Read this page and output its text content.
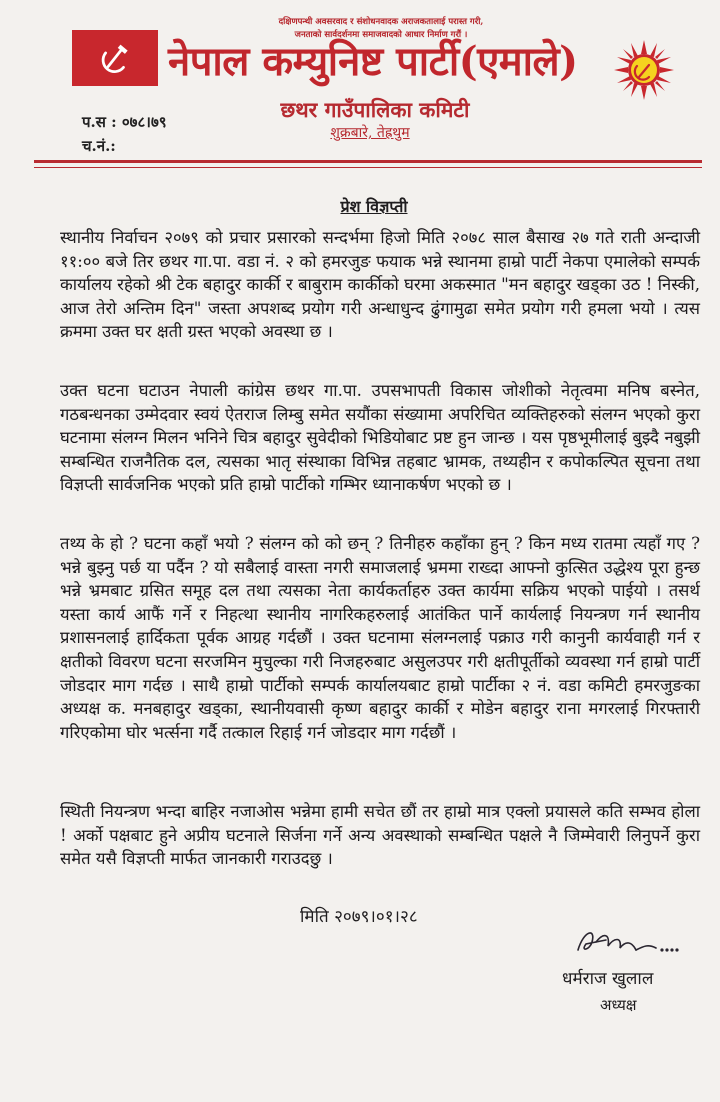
दक्षिणपन्थी अवसरवाद र संशोधनवादक अराजकतालाई परास्त गरी,
जनताको सार्वदर्शनमा समाजवादको आधार निर्माण गरौं ।
नेपाल कम्युनिष्ट पार्टी(एमाले)
छथर गाउँपालिका कमिटी
शुक्रबारे, तेह्रथुम
प.स : ०७८।७९
च.नं.:
प्रेश विज्ञप्ती

स्थानीय निर्वाचन २०७९ को प्रचार प्रसारको सन्दर्भमा हिजो मिति २०७८ साल बैसाख २७ गते राती अन्दाजी ११:०० बजे तिर छथर गा.पा. वडा नं. २ को हमरजुङ फयाक भन्ने स्थानमा हाम्रो पार्टी नेकपा एमालेको सम्पर्क कार्यालय रहेको श्री टेक बहादुर कार्की र बाबुराम कार्कीको घरमा अकस्मात "मन बहादुर खड्का उठ ! निस्की, आज तेरो अन्तिम दिन" जस्ता अपशब्द प्रयोग गरी अन्धाधुन्द ढुंगामुढा समेत प्रयोग गरी हमला भयो । त्यस क्रममा उक्त घर क्षती ग्रस्त भएको अवस्था छ ।

उक्त घटना घटाउन नेपाली कांग्रेस छथर गा.पा. उपसभापती विकास जोशीको नेतृत्वमा मनिष बस्नेत, गठबन्धनका उम्मेदवार स्वयं ऐतराज लिम्बु समेत सयौंका संख्यामा अपरिचित व्यक्तिहरुको संलग्न भएको कुरा घटनामा संलग्न मिलन भनिने चित्र बहादुर सुवेदीको भिडियोबाट प्रष्ट हुन जान्छ । यस पृष्ठभूमीलाई बुझ्दै नबुझी सम्बन्धित राजनैतिक दल, त्यसका भातृ संस्थाका विभिन्न तहबाट भ्रामक, तथ्यहीन र कपोकल्पित सूचना तथा विज्ञप्ती सार्वजनिक भएको प्रति हाम्रो पार्टीको गम्भिर ध्यानाकर्षण भएको छ ।

तथ्य के हो ? घटना कहाँ भयो ? संलग्न को को छन् ? तिनीहरु कहाँका हुन् ? किन मध्य रातमा त्यहाँ गए ? भन्ने बुझ्नु पर्छ या पर्दैन ? यो सबैलाई वास्ता नगरी समाजलाई भ्रममा राख्दा आफ्नो कुत्सित उद्धेश्य पूरा हुन्छ भन्ने भ्रमबाट ग्रसित समूह दल तथा त्यसका नेता कार्यकर्ताहरु उक्त कार्यमा सक्रिय भएको पाईयो । तसर्थ यस्ता कार्य आफैं गर्ने र निहत्था स्थानीय नागरिकहरुलाई आतंकित पार्ने कार्यलाई नियन्त्रण गर्न स्थानीय प्रशासनलाई हार्दिकता पूर्वक आग्रह गर्दछौं । उक्त घटनामा संलग्नलाई पक्राउ गरी कानुनी कार्यवाही गर्न र क्षतीको विवरण घटना सरजमिन मुचुल्का गरी निजहरुबाट असुलउपर गरी क्षतीपूर्तीको व्यवस्था गर्न हाम्रो पार्टी जोडदार माग गर्दछ । साथै हाम्रो पार्टीको सम्पर्क कार्यालयबाट हाम्रो पार्टीका २ नं. वडा कमिटी हमरजुङका अध्यक्ष क. मनबहादुर खड्का, स्थानीयवासी कृष्ण बहादुर कार्की र मोडेन बहादुर राना मगरलाई गिरफ्तारी गरिएकोमा घोर भर्त्सना गर्दै तत्काल रिहाई गर्न जोडदार माग गर्दछौं ।

स्थिती नियन्त्रण भन्दा बाहिर नजाओस भन्नेमा हामी सचेत छौं तर हाम्रो मात्र एक्लो प्रयासले कति सम्भव होला ! अर्को पक्षबाट हुने अप्रीय घटनाले सिर्जना गर्ने अन्य अवस्थाको सम्बन्धित पक्षले नै जिम्मेवारी लिनुपर्ने कुरा समेत यसै विज्ञप्ती मार्फत जानकारी गराउदछु ।

मिति २०७९।०१।२८
धर्मराज खुलाल
अध्यक्ष
